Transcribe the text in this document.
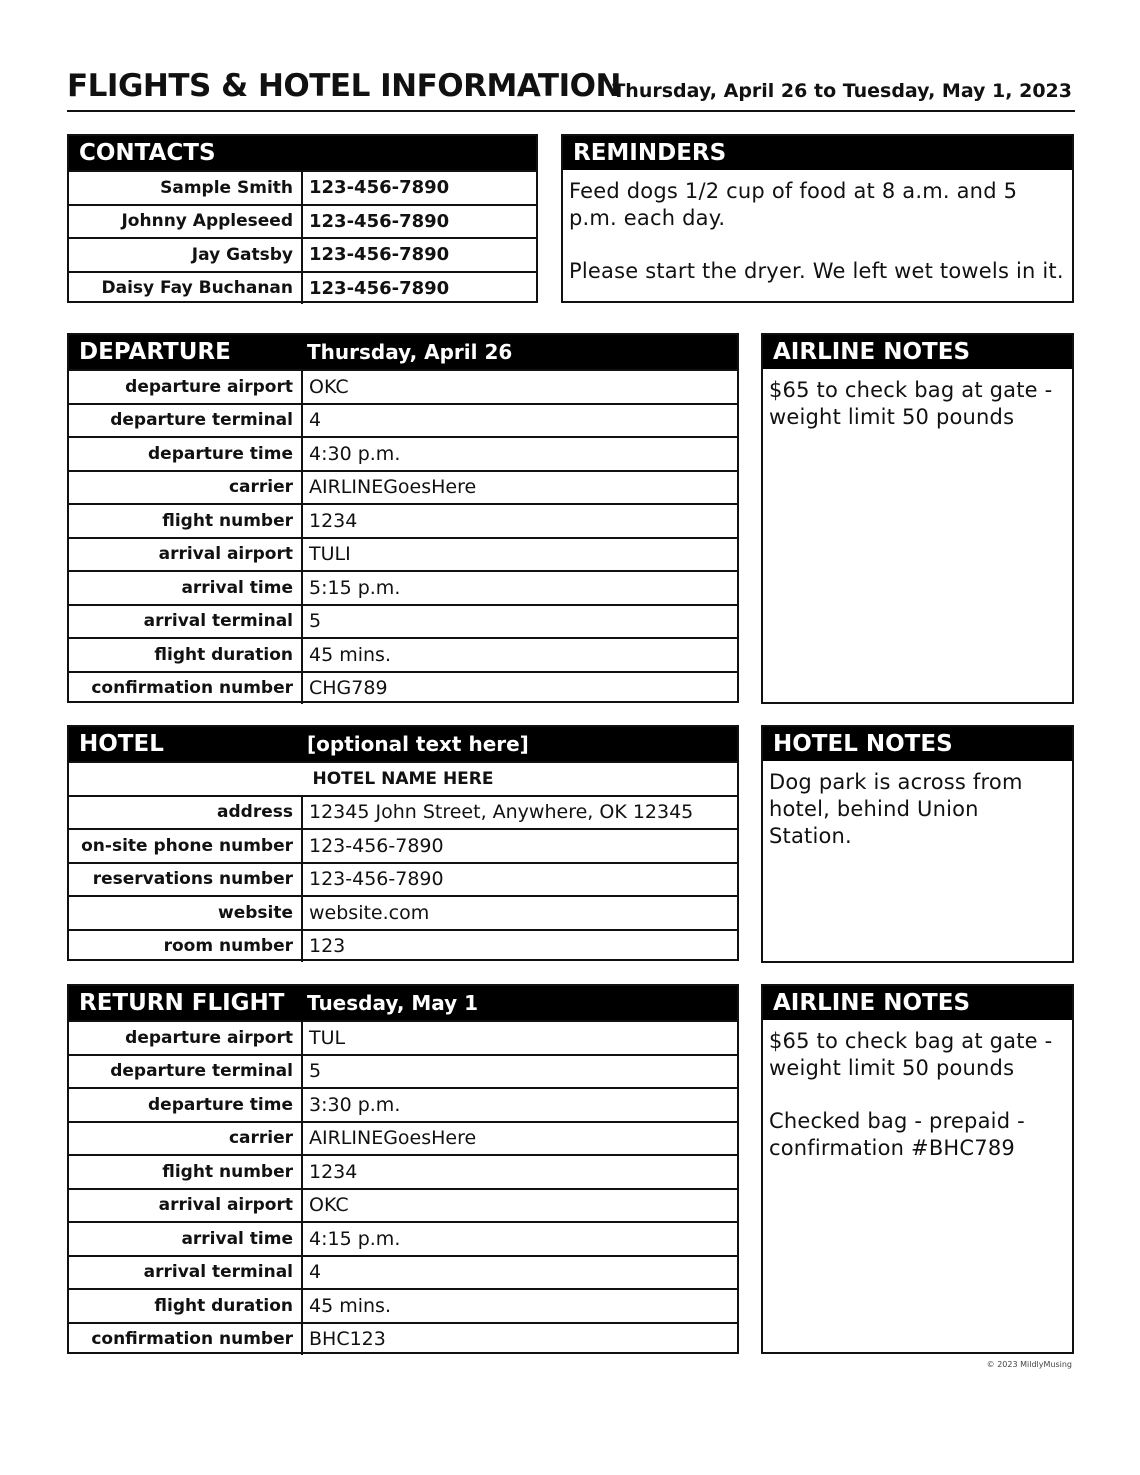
FLIGHTS & HOTEL INFORMATION
Thursday, April 26 to Tuesday, May 1, 2023
CONTACTS
Sample Smith 123-456-7890
Johnny Appleseed 123-456-7890
Jay Gatsby 123-456-7890
Daisy Fay Buchanan 123-456-7890
REMINDERS

Feed dogs 1/2 cup of food at 8 a.m. and 5 p.m. each day.

Please start the dryer. We left wet towels in it.

DEPARTURE	Thursday, April 26
departure airport OKC
departure terminal 4
departure time 4:30 p.m.
carrier AIRLINEGoesHere
flight number 1234
arrival airport TULI
arrival time 5:15 p.m.
arrival terminal 5
flight duration 45 mins.
confirmation number CHG789
AIRLINE NOTES

$65 to check bag at gate - weight limit 50 pounds

HOTEL	[optional text here]
HOTEL NAME HERE
address 12345 John Street, Anywhere, OK 12345
on-site phone number 123-456-7890
reservations number 123-456-7890
website website.com
room number 123
HOTEL NOTES

Dog park is across from hotel, behind Union Station.

RETURN FLIGHT Tuesday, May 1
departure airport TUL
departure terminal 5
departure time 3:30 p.m.
carrier AIRLINEGoesHere
flight number 1234
arrival airport OKC
arrival time 4:15 p.m.
arrival terminal 4
flight duration 45 mins.
confirmation number BHC123
AIRLINE NOTES

$65 to check bag at gate - weight limit 50 pounds

Checked bag - prepaid - confirmation #BHC789

© 2023 MildlyMusing
